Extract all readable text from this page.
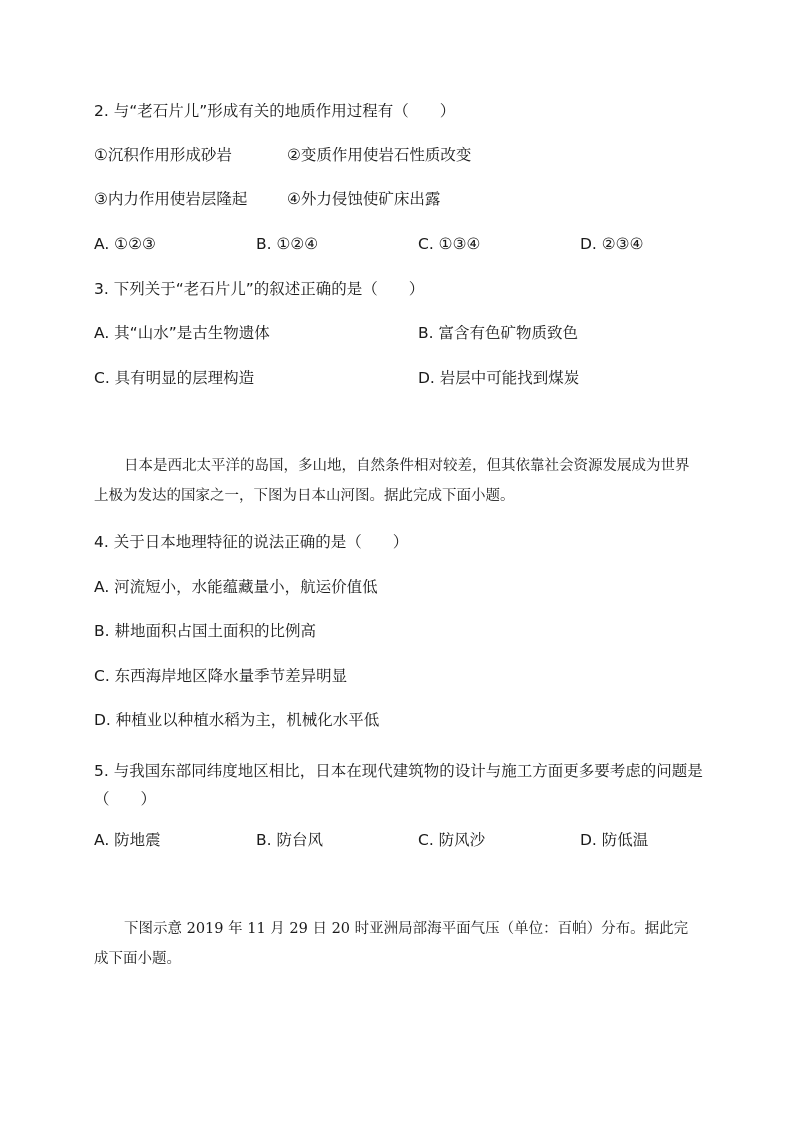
2. 与“老石片儿”形成有关的地质作用过程有（　　）
①沉积作用形成砂岩	②变质作用使岩石性质改变
③内力作用使岩层隆起	④外力侵蚀使矿床出露
A. ①②③	B. ①②④	C. ①③④	D. ②③④
3. 下列关于“老石片儿”的叙述正确的是（　　）
A. 其“山水”是古生物遗体	B. 富含有色矿物质致色
C. 具有明显的层理构造	D. 岩层中可能找到煤炭
日本是西北太平洋的岛国，多山地，自然条件相对较差，但其依靠社会资源发展成为世界上极为发达的国家之一，下图为日本山河图。据此完成下面小题。
4. 关于日本地理特征的说法正确的是（　　）
A. 河流短小，水能蕴藏量小，航运价值低
B. 耕地面积占国土面积的比例高
C. 东西海岸地区降水量季节差异明显
D. 种植业以种植水稻为主，机械化水平低
5. 与我国东部同纬度地区相比，日本在现代建筑物的设计与施工方面更多要考虑的问题是（　　）
A. 防地震	B. 防台风	C. 防风沙	D. 防低温
下图示意 2019 年 11 月 29 日 20 时亚洲局部海平面气压（单位：百帕）分布。据此完成下面小题。
